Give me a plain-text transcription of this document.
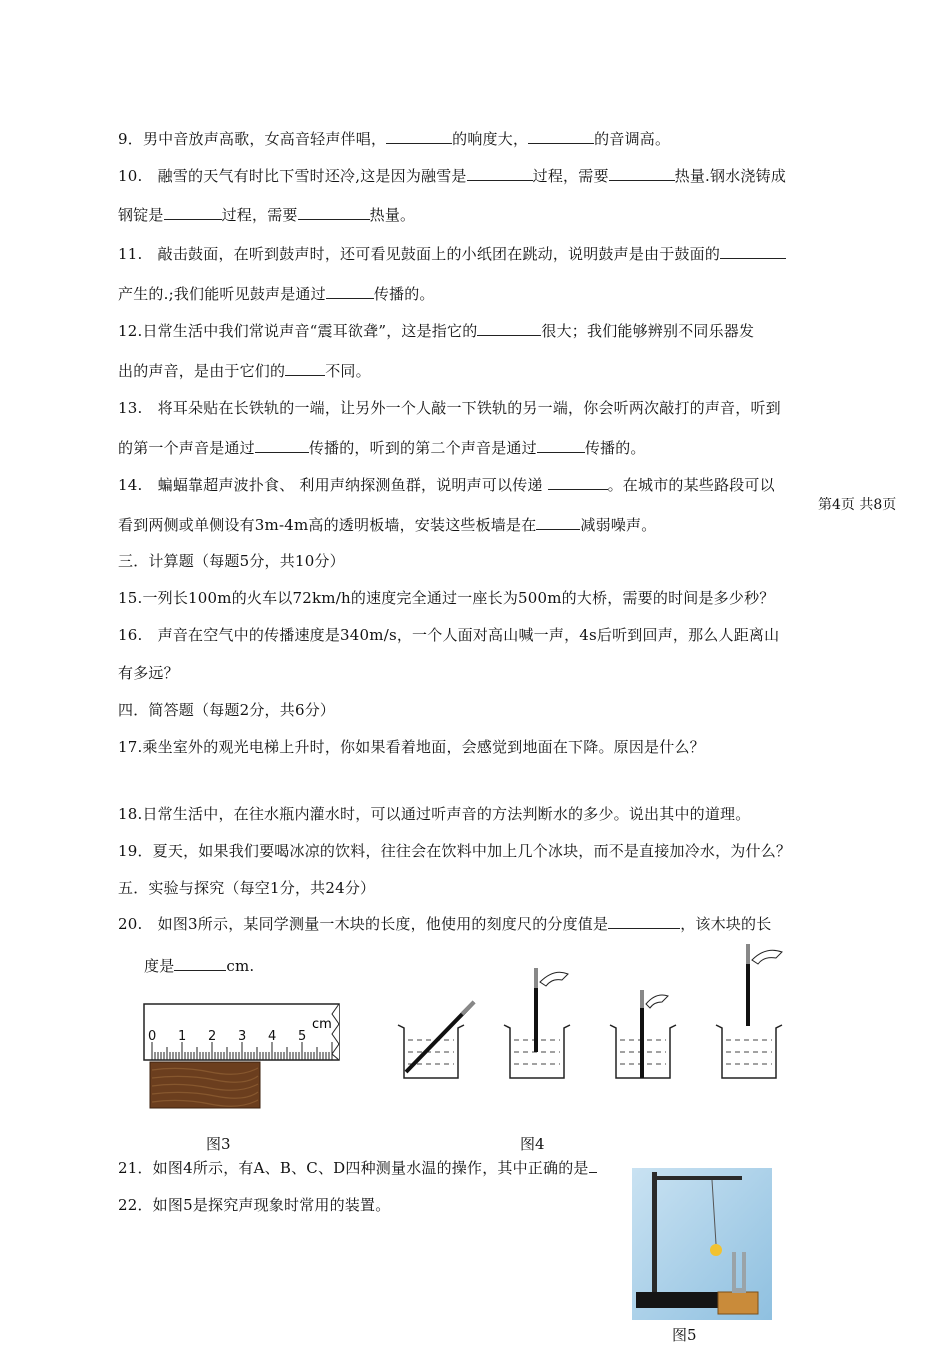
9．男中音放声高歌，女高音轻声伴唱，	的响度大，	的音调高。
10.　融雪的天气有时比下雪时还冷,这是因为融雪是	过程，需要	热量.钢水浇铸成
钢锭是	过程，需要	热量。
11.　敲击鼓面，在听到鼓声时，还可看见鼓面上的小纸团在跳动，说明鼓声是由于鼓面的
产生的.;我们能听见鼓声是通过	传播的。
12.日常生活中我们常说声音“震耳欲聋”，这是指它的	很大；我们能够辨别不同乐器发
出的声音，是由于它们的	不同。
13.　将耳朵贴在长铁轨的一端，让另外一个人敲一下铁轨的另一端，你会听两次敲打的声音，听到
的第一个声音是通过	传播的，听到的第二个声音是通过	传播的。
14.　蝙蝠靠超声波扑食、 利用声纳探测鱼群，说明声可以传递	。在城市的某些路段可以
第4页 共8页
看到两侧或单侧设有3m-4m高的透明板墙，安装这些板墙是在	减弱噪声。
三．计算题（每题5分，共10分）
15.一列长100m的火车以72km/h的速度完全通过一座长为500m的大桥，需要的时间是多少秒？
16.　声音在空气中的传播速度是340m/s，一个人面对高山喊一声，4s后听到回声，那么人距离山
有多远？
四．简答题（每题2分，共6分）
17.乘坐室外的观光电梯上升时，你如果看着地面，会感觉到地面在下降。原因是什么？
18.日常生活中，在往水瓶内灌水时，可以通过听声音的方法判断水的多少。说出其中的道理。
19．夏天，如果我们要喝冰凉的饮料，往往会在饮料中加上几个冰块，而不是直接加冷水，为什么？
五．实验与探究（每空1分，共24分）
20.　如图3所示，某同学测量一木块的长度，他使用的刻度尺的分度值是	，该木块的长
度是	cm.
0 1 2 3 4 5
cm
图3	图4
21．如图4所示，有A、B、C、D四种测量水温的操作，其中正确的是
22．如图5是探究声现象时常用的装置。
图5
